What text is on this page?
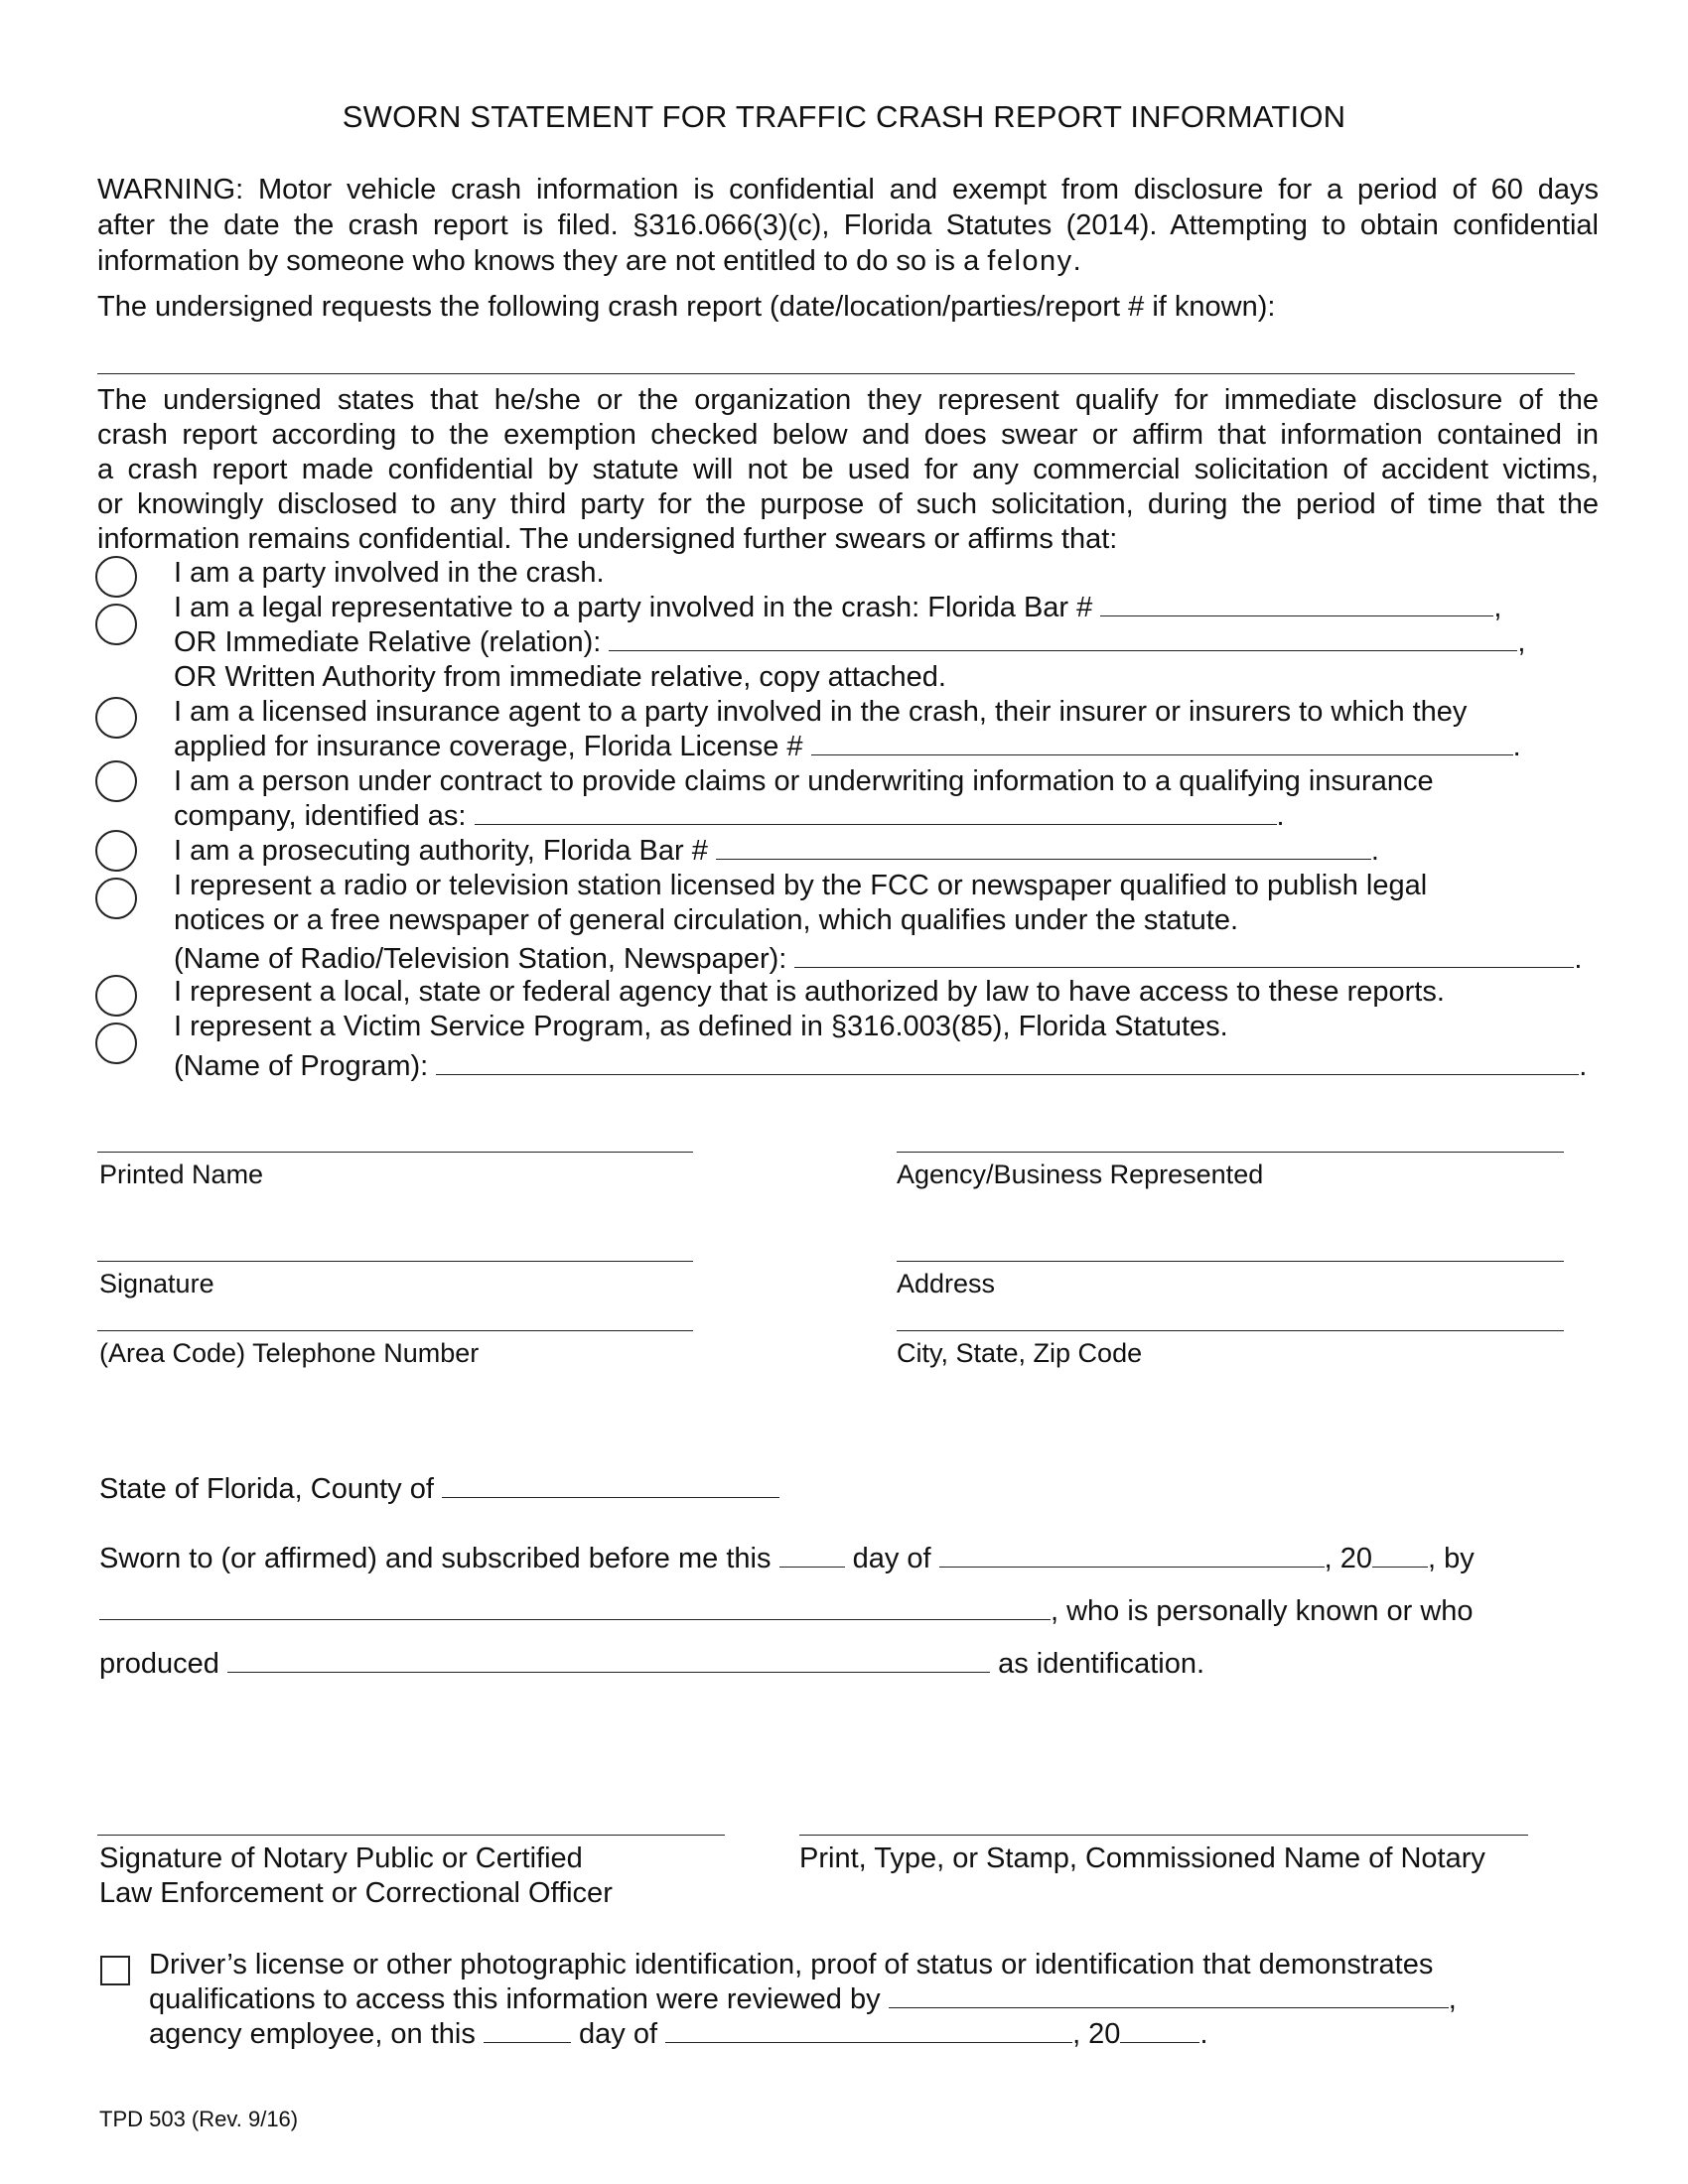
SWORN STATEMENT FOR TRAFFIC CRASH REPORT INFORMATION
WARNING: Motor vehicle crash information is confidential and exempt from disclosure for a period of 60 days
after the date the crash report is filed. §316.066(3)(c), Florida Statutes (2014). Attempting to obtain confidential
information by someone who knows they are not entitled to do so is a felony.
The undersigned requests the following crash report (date/location/parties/report # if known):
The undersigned states that he/she or the organization they represent qualify for immediate disclosure of the
crash report according to the exemption checked below and does swear or affirm that information contained in
a crash report made confidential by statute will not be used for any commercial solicitation of accident victims,
or knowingly disclosed to any third party for the purpose of such solicitation, during the period of time that the
information remains confidential. The undersigned further swears or affirms that:
I am a party involved in the crash.
I am a legal representative to a party involved in the crash: Florida Bar #	,
OR Immediate Relative (relation):	,
OR Written Authority from immediate relative, copy attached.
I am a licensed insurance agent to a party involved in the crash, their insurer or insurers to which they
applied for insurance coverage, Florida License #	.
I am a person under contract to provide claims or underwriting information to a qualifying insurance
company, identified as:	.
I am a prosecuting authority, Florida Bar #	.
I represent a radio or television station licensed by the FCC or newspaper qualified to publish legal
notices or a free newspaper of general circulation, which qualifies under the statute.
(Name of Radio/Television Station, Newspaper):	.
I represent a local, state or federal agency that is authorized by law to have access to these reports.
I represent a Victim Service Program, as defined in §316.003(85), Florida Statutes.
(Name of Program):	.
Printed Name	Agency/Business Represented
Signature	Address
(Area Code) Telephone Number	City, State, Zip Code
State of Florida, County of
Sworn to (or affirmed) and subscribed before me this	day of	, 20 , by
, who is personally known or who
produced	as identification.
Signature of Notary Public or Certified
Law Enforcement or Correctional Officer
Print, Type, or Stamp, Commissioned Name of Notary
Driver’s license or other photographic identification, proof of status or identification that demonstrates
qualifications to access this information were reviewed by	,
agency employee, on this	day of	, 20	.
TPD 503 (Rev. 9/16)
